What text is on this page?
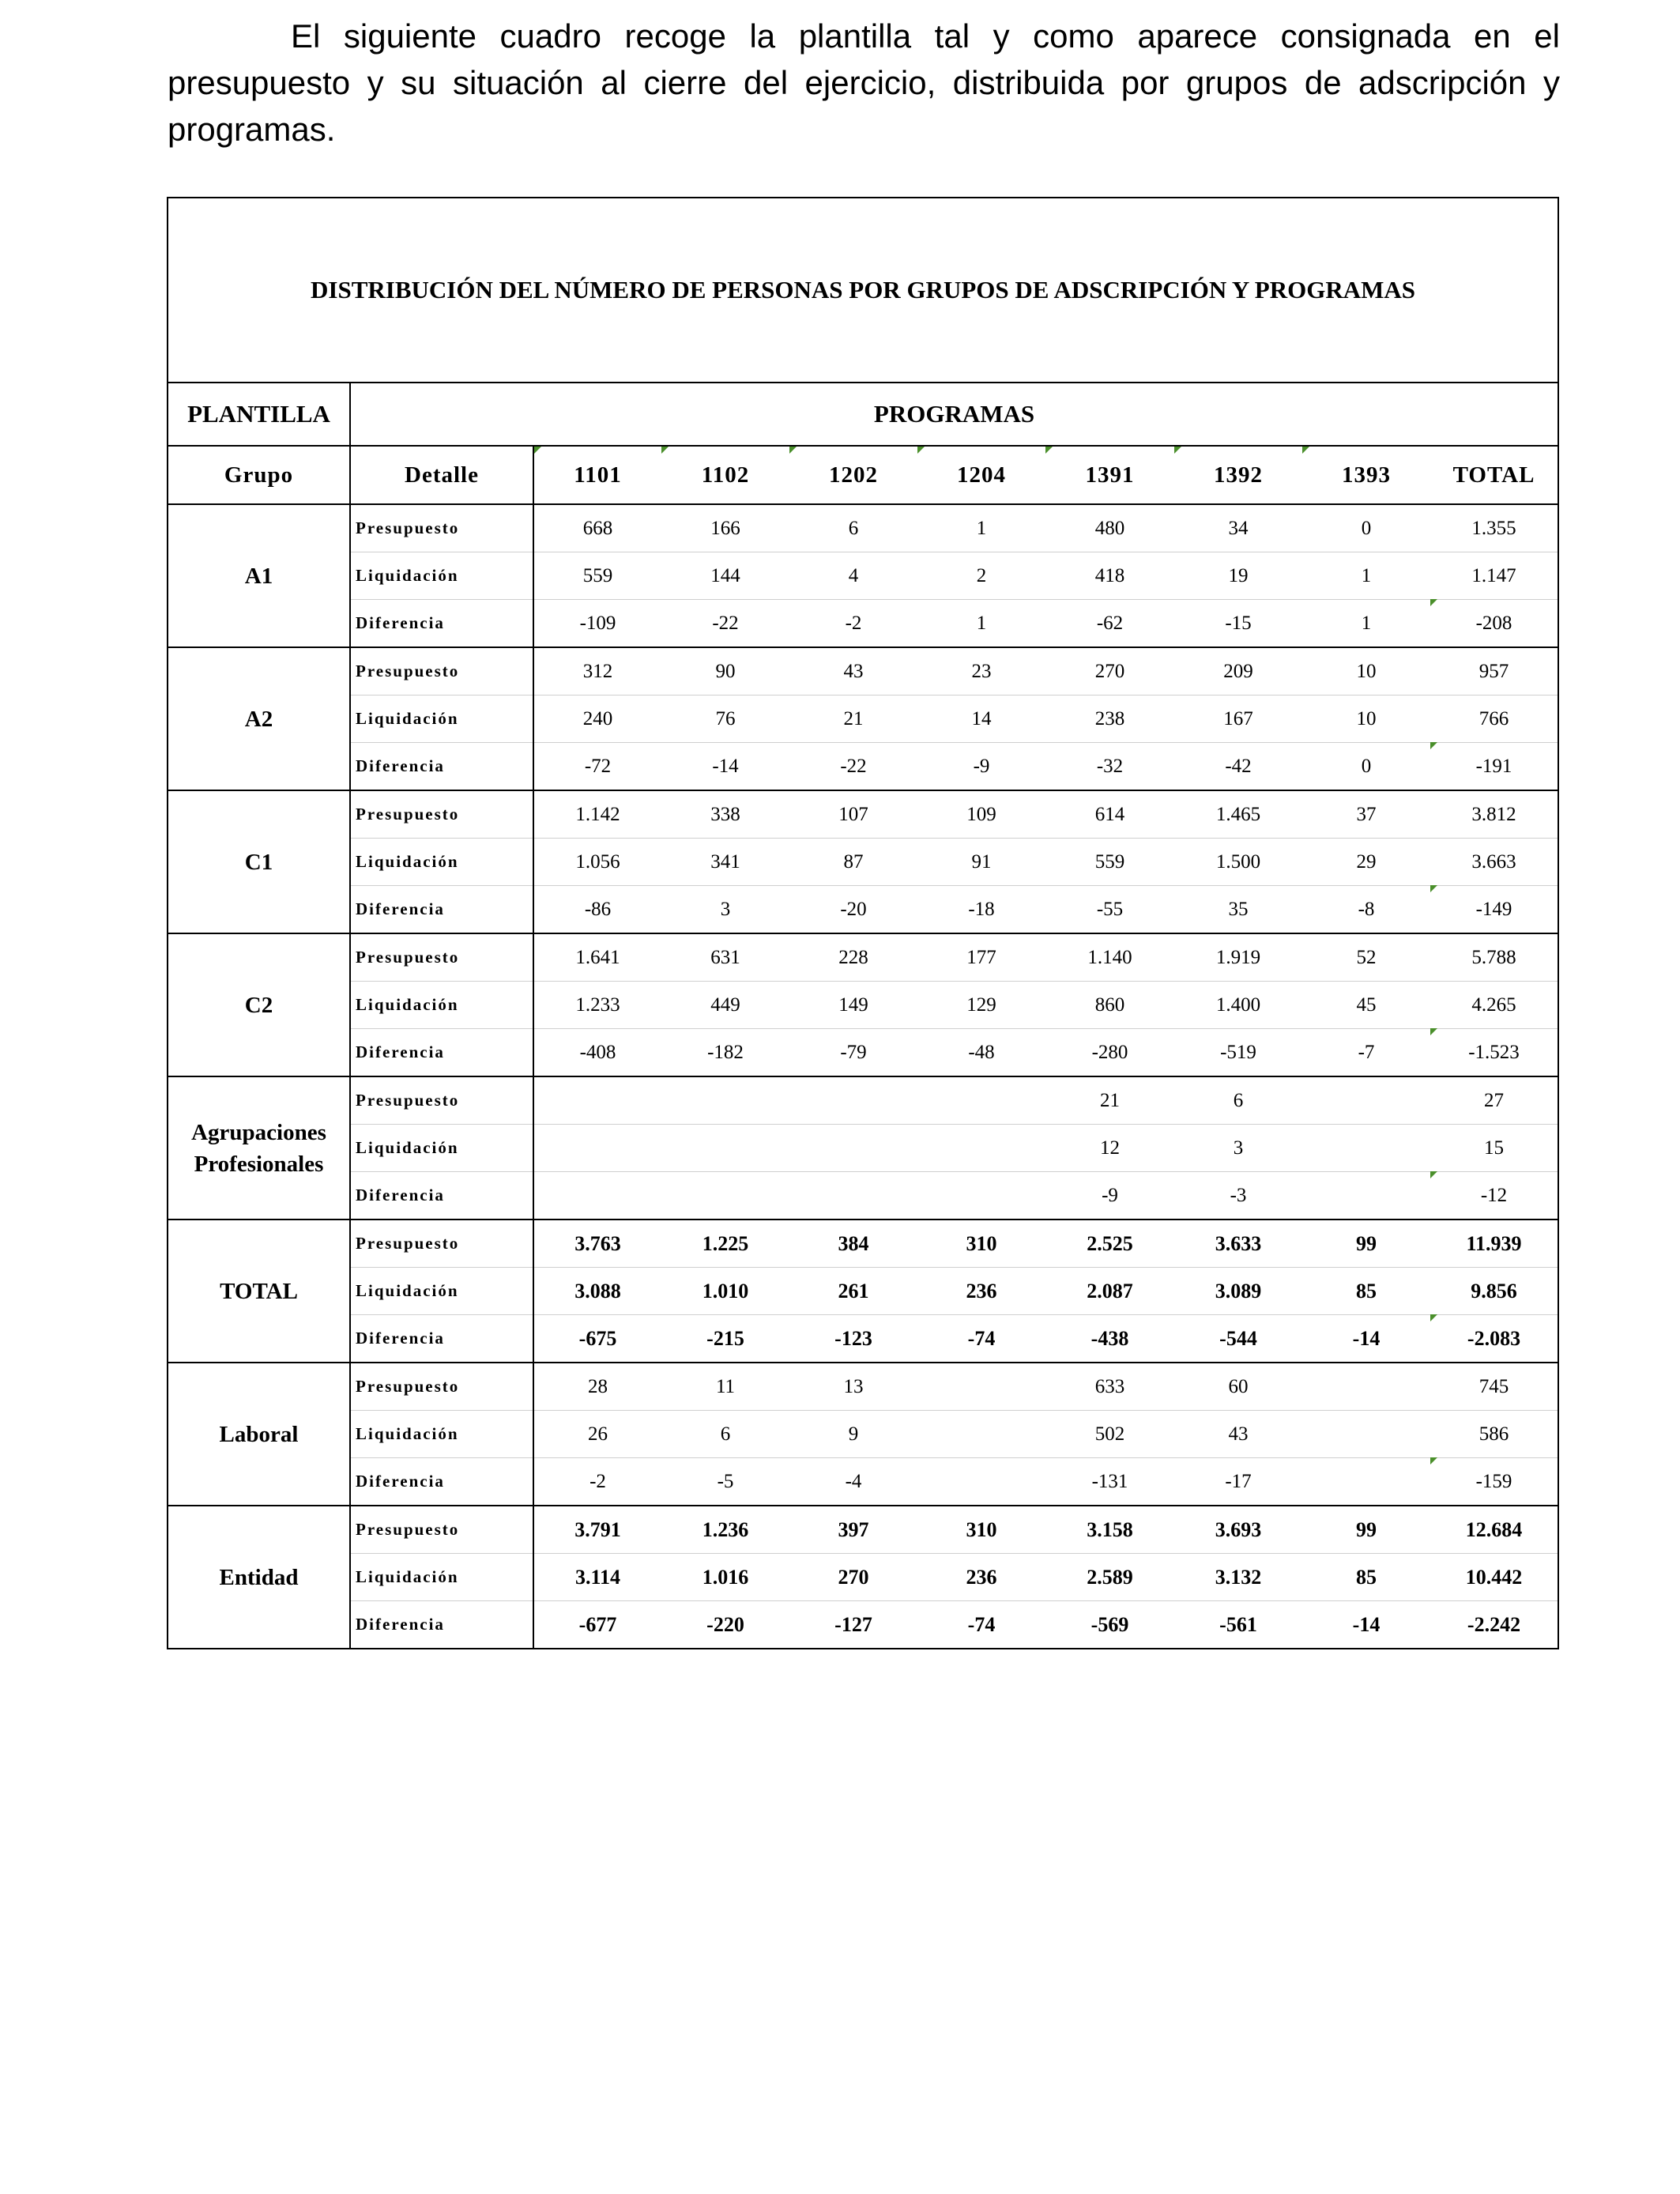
El siguiente cuadro recoge la plantilla tal y como aparece consignada en el presupuesto y su situación al cierre del ejercicio, distribuida por grupos de adscripción y programas.

DISTRIBUCIÓN DEL NÚMERO DE PERSONAS POR GRUPOS DE ADSCRIPCIÓN Y PROGRAMAS									
PLANTILLA	PROGRAMAS								
Grupo	Detalle	1101	1102	1202	1204	1391	1392	1393	TOTAL
A1	Presupuesto	668	166	6	1	480	34	0	1.355
	Liquidación	559	144	4	2	418	19	1	1.147
	Diferencia	-109	-22	-2	1	-62	-15	1	-208
A2	Presupuesto	312	90	43	23	270	209	10	957
	Liquidación	240	76	21	14	238	167	10	766
	Diferencia	-72	-14	-22	-9	-32	-42	0	-191
C1	Presupuesto	1.142	338	107	109	614	1.465	37	3.812
	Liquidación	1.056	341	87	91	559	1.500	29	3.663
	Diferencia	-86	3	-20	-18	-55	35	-8	-149
C2	Presupuesto	1.641	631	228	177	1.140	1.919	52	5.788
	Liquidación	1.233	449	149	129	860	1.400	45	4.265
	Diferencia	-408	-182	-79	-48	-280	-519	-7	-1.523
Agrupaciones Profesionales	Presupuesto					21	6		27
	Liquidación					12	3		15
	Diferencia					-9	-3		-12
TOTAL	Presupuesto	3.763	1.225	384	310	2.525	3.633	99	11.939
	Liquidación	3.088	1.010	261	236	2.087	3.089	85	9.856
	Diferencia	-675	-215	-123	-74	-438	-544	-14	-2.083
Laboral	Presupuesto	28	11	13		633	60		745
	Liquidación	26	6	9		502	43		586
	Diferencia	-2	-5	-4		-131	-17		-159
Entidad	Presupuesto	3.791	1.236	397	310	3.158	3.693	99	12.684
	Liquidación	3.114	1.016	270	236	2.589	3.132	85	10.442
	Diferencia	-677	-220	-127	-74	-569	-561	-14	-2.242
